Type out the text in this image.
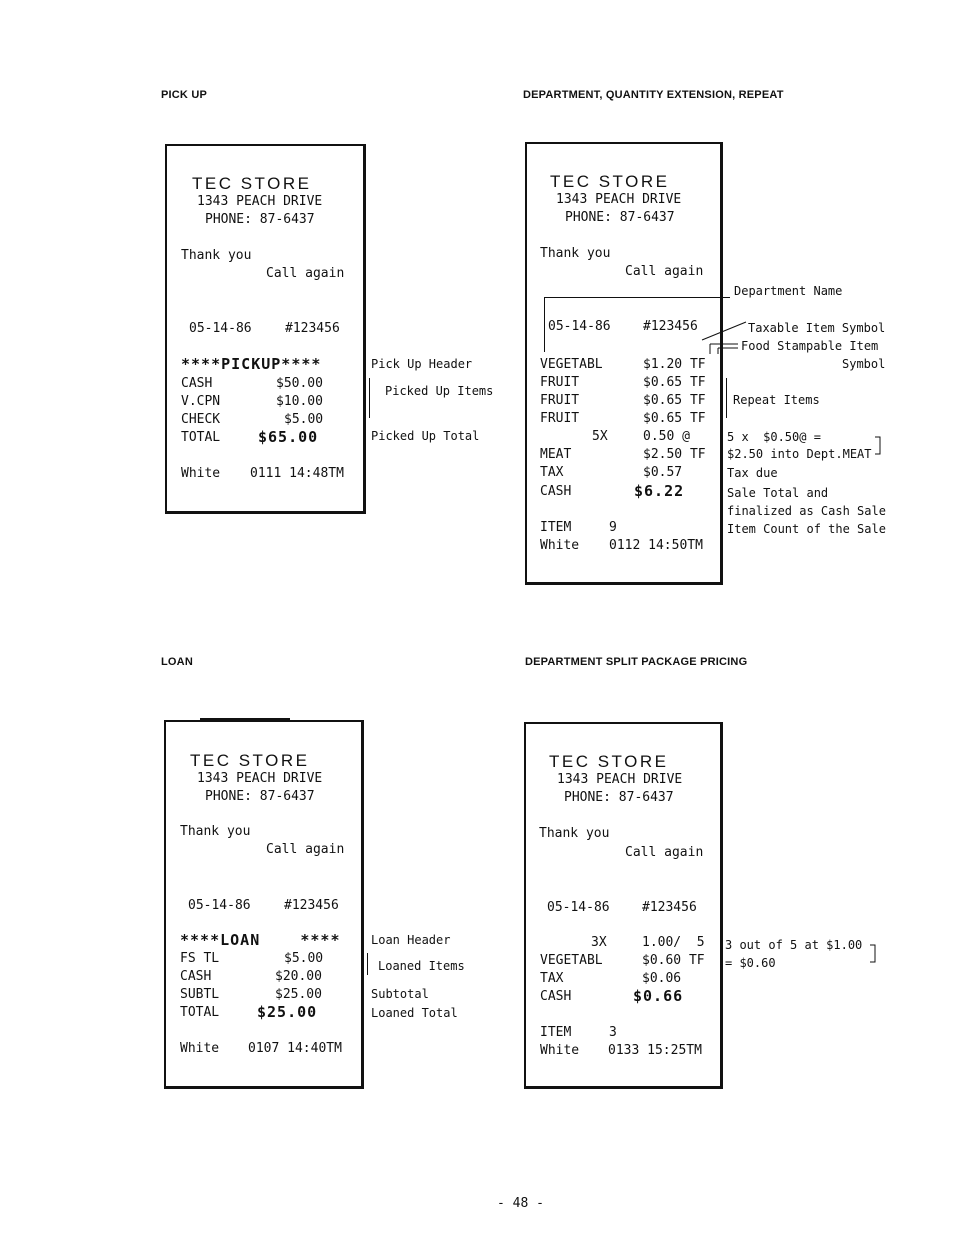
PICK UP	DEPARTMENT, QUANTITY EXTENSION, REPEAT
LOAN	DEPARTMENT SPLIT PACKAGE PRICING
TEC STORE
1343 PEACH DRIVE
PHONE: 87-6437
Thank you
Call again
05-14-86	#123456
****PICKUP****
CASH	$50.00
V.CPN	$10.00
CHECK	$5.00
TOTAL	$65.00
White 0111 14:48TM
Pick Up Header
Picked Up Items
Picked Up Total
TEC STORE
1343 PEACH DRIVE
PHONE: 87-6437
Thank you
Call again
05-14-86 #123456
VEGETABL	$1.20 TF
FRUIT	$0.65 TF
FRUIT	$0.65 TF
FRUIT	$0.65 TF
5X	0.50 @
MEAT	$2.50 TF
TAX	$0.57
CASH	$6.22
ITEM	9
White 0112 14:50TM
Department Name
Taxable Item Symbol
Food Stampable Item
Symbol
Repeat Items
5 x  $0.50@ =
$2.50 into Dept.MEAT
Tax due
Sale Total and
finalized as Cash Sale
Item Count of the Sale
TEC STORE
1343 PEACH DRIVE
PHONE: 87-6437
Thank you
Call again
05-14-86	#123456
****LOAN    ****
FS TL	$5.00
CASH	$20.00
SUBTL	$25.00
TOTAL	$25.00
White 0107 14:40TM
Loan Header
Loaned Items
Subtotal
Loaned Total
TEC STORE
1343 PEACH DRIVE
PHONE: 87-6437
Thank you
Call again
05-14-86 #123456
3X	1.00/  5
VEGETABL	$0.60 TF
TAX	$0.06
CASH	$0.66
ITEM	3
White 0133 15:25TM
3 out of 5 at $1.00
= $0.60
- 48 -
